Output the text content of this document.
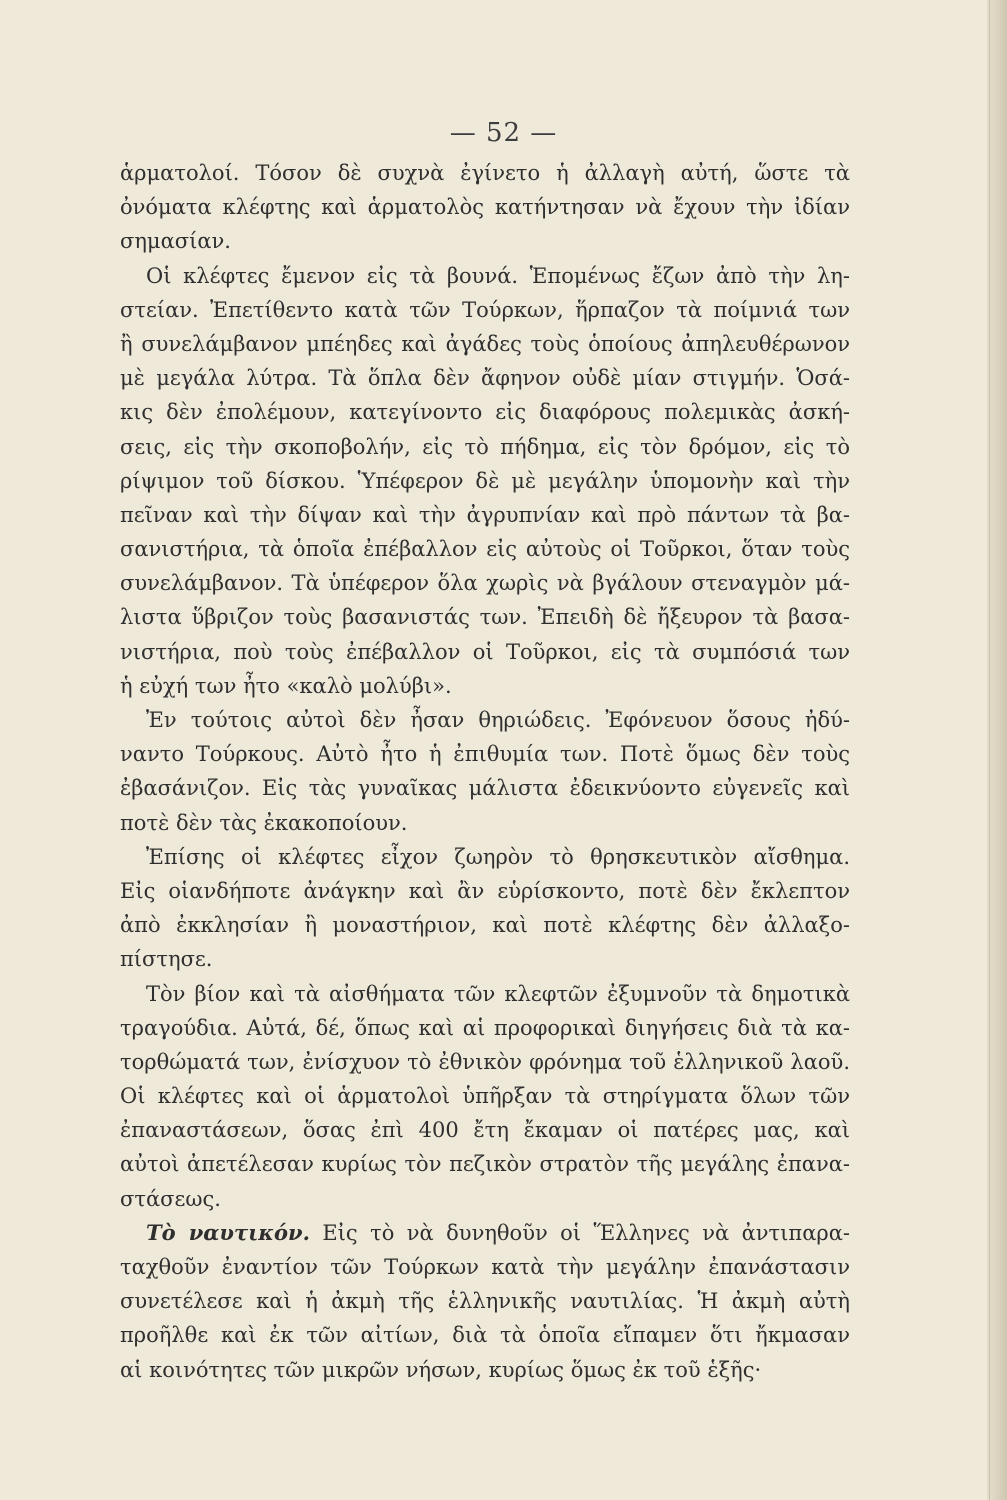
— 52 —
ἁρματολοί. Τόσον δὲ συχνὰ ἐγίνετο ἡ ἀλλαγὴ αὐτή, ὥστε τὰ
ὀνόματα κλέφτης καὶ ἁρματολὸς κατήντησαν νὰ ἔχουν τὴν ἰδίαν
σημασίαν.
Οἱ κλέφτες ἔμενον εἰς τὰ βουνά. Ἑπομένως ἔζων ἀπὸ τὴν λη-
στείαν. Ἐπετίθεντο κατὰ τῶν Τούρκων, ἥρπαζον τὰ ποίμνιά των
ἢ συνελάμβανον μπέηδες καὶ ἀγάδες τοὺς ὁποίους ἀπηλευθέρωνον
μὲ μεγάλα λύτρα. Τὰ ὅπλα δὲν ἄφηνον οὐδὲ μίαν στιγμήν. Ὁσά-
κις δὲν ἐπολέμουν, κατεγίνοντο εἰς διαφόρους πολεμικὰς ἀσκή-
σεις, εἰς τὴν σκοποβολήν, εἰς τὸ πήδημα, εἰς τὸν δρόμον, εἰς τὸ
ρίψιμον τοῦ δίσκου. Ὑπέφερον δὲ μὲ μεγάλην ὑπομονὴν καὶ τὴν
πεῖναν καὶ τὴν δίψαν καὶ τὴν ἀγρυπνίαν καὶ πρὸ πάντων τὰ βα-
σανιστήρια, τὰ ὁποῖα ἐπέβαλλον εἰς αὐτοὺς οἱ Τοῦρκοι, ὅταν τοὺς
συνελάμβανον. Τὰ ὑπέφερον ὅλα χωρὶς νὰ βγάλουν στεναγμὸν μά-
λιστα ὕβριζον τοὺς βασανιστάς των. Ἐπειδὴ δὲ ἤξευρον τὰ βασα-
νιστήρια, ποὺ τοὺς ἐπέβαλλον οἱ Τοῦρκοι, εἰς τὰ συμπόσιά των
ἡ εὐχή των ἦτο «καλὸ μολύβι».
Ἐν τούτοις αὐτοὶ δὲν ἦσαν θηριώδεις. Ἐφόνευον ὅσους ἠδύ-
ναντο Τούρκους. Αὐτὸ ἦτο ἡ ἐπιθυμία των. Ποτὲ ὅμως δὲν τοὺς
ἐβασάνιζον. Εἰς τὰς γυναῖκας μάλιστα ἐδεικνύοντο εὐγενεῖς καὶ
ποτὲ δὲν τὰς ἐκακοποίουν.
Ἐπίσης οἱ κλέφτες εἶχον ζωηρὸν τὸ θρησκευτικὸν αἴσθημα.
Εἰς οἱανδήποτε ἀνάγκην καὶ ἂν εὑρίσκοντο, ποτὲ δὲν ἔκλεπτον
ἀπὸ ἐκκλησίαν ἢ μοναστήριον, καὶ ποτὲ κλέφτης δὲν ἀλλαξο-
πίστησε.
Τὸν βίον καὶ τὰ αἰσθήματα τῶν κλεφτῶν ἐξυμνοῦν τὰ δημοτικὰ
τραγούδια. Αὐτά, δέ, ὅπως καὶ αἱ προφορικαὶ διηγήσεις διὰ τὰ κα-
τορθώματά των, ἐνίσχυον τὸ ἐθνικὸν φρόνημα τοῦ ἑλληνικοῦ λαοῦ.
Οἱ κλέφτες καὶ οἱ ἁρματολοὶ ὑπῆρξαν τὰ στηρίγματα ὅλων τῶν
ἐπαναστάσεων, ὅσας ἐπὶ 400 ἔτη ἔκαμαν οἱ πατέρες μας, καὶ
αὐτοὶ ἀπετέλεσαν κυρίως τὸν πεζικὸν στρατὸν τῆς μεγάλης ἐπανα-
στάσεως.
Τὸ ναυτικόν. Εἰς τὸ νὰ δυνηθοῦν οἱ Ἕλληνες νὰ ἀντιπαρα-
ταχθοῦν ἐναντίον τῶν Τούρκων κατὰ τὴν μεγάλην ἐπανάστασιν
συνετέλεσε καὶ ἡ ἀκμὴ τῆς ἑλληνικῆς ναυτιλίας. Ἡ ἀκμὴ αὐτὴ
προῆλθε καὶ ἐκ τῶν αἰτίων, διὰ τὰ ὁποῖα εἴπαμεν ὅτι ἤκμασαν
αἱ κοινότητες τῶν μικρῶν νήσων, κυρίως ὅμως ἐκ τοῦ ἑξῆς·
